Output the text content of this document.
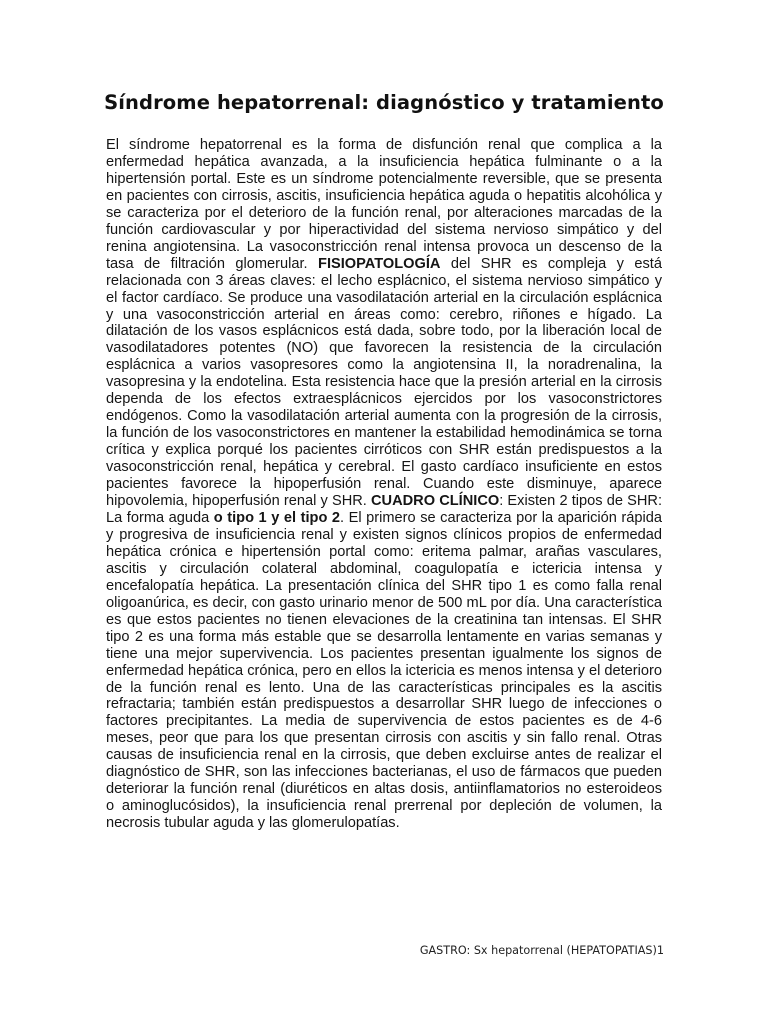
Síndrome hepatorrenal: diagnóstico y tratamiento

El síndrome hepatorrenal es la forma de disfunción renal que complica a la enfermedad hepática avanzada, a la insuficiencia hepática fulminante o a la hipertensión portal. Este es un síndrome potencialmente reversible, que se presenta en pacientes con cirrosis, ascitis, insuficiencia hepática aguda o hepatitis alcohólica y se caracteriza por el deterioro de la función renal, por alteraciones marcadas de la función cardiovascular y por hiperactividad del sistema nervioso simpático y del renina angiotensina. La vasoconstricción renal intensa provoca un descenso de la tasa de filtración glomerular. FISIOPATOLOGÍA del SHR es compleja y está relacionada con 3 áreas claves: el lecho esplácnico, el sistema nervioso simpático y el factor cardíaco. Se produce una vasodilatación arterial en la circulación esplácnica y una vasoconstricción arterial en áreas como: cerebro, riñones e hígado. La dilatación de los vasos esplácnicos está dada, sobre todo, por la liberación local de vasodilatadores potentes (NO) que favorecen la resistencia de la circulación esplácnica a varios vasopresores como la angiotensina II, la noradrenalina, la vasopresina y la endotelina. Esta resistencia hace que la presión arterial en la cirrosis dependa de los efectos extraesplácnicos ejercidos por los vasoconstrictores endógenos. Como la vasodilatación arterial aumenta con la progresión de la cirrosis, la función de los vasoconstrictores en mantener la estabilidad hemodinámica se torna crítica y explica porqué los pacientes cirróticos con SHR están predispuestos a la vasoconstricción renal, hepática y cerebral. El gasto cardíaco insuficiente en estos pacientes favorece la hipoperfusión renal. Cuando este disminuye, aparece hipovolemia, hipoperfusión renal y SHR. CUADRO CLÍNICO: Existen 2 tipos de SHR: La forma aguda o tipo 1 y el tipo 2. El primero se caracteriza por la aparición rápida y progresiva de insuficiencia renal y existen signos clínicos propios de enfermedad hepática crónica e hipertensión portal como: eritema palmar, arañas vasculares, ascitis y circulación colateral abdominal, coagulopatía e ictericia intensa y encefalopatía hepática. La presentación clínica del SHR tipo 1 es como falla renal oligoanúrica, es decir, con gasto urinario menor de 500 mL por día. Una característica es que estos pacientes no tienen elevaciones de la creatinina tan intensas. El SHR tipo 2 es una forma más estable que se desarrolla lentamente en varias semanas y tiene una mejor supervivencia. Los pacientes presentan igualmente los signos de enfermedad hepática crónica, pero en ellos la ictericia es menos intensa y el deterioro de la función renal es lento. Una de las características principales es la ascitis refractaria; también están predispuestos a desarrollar SHR luego de infecciones o factores precipitantes. La media de supervivencia de estos pacientes es de 4-6 meses, peor que para los que presentan cirrosis con ascitis y sin fallo renal. Otras causas de insuficiencia renal en la cirrosis, que deben excluirse antes de realizar el diagnóstico de SHR, son las infecciones bacterianas, el uso de fármacos que pueden deteriorar la función renal (diuréticos en altas dosis, antiinflamatorios no esteroideos o aminoglucósidos), la insuficiencia renal prerrenal por depleción de volumen, la necrosis tubular aguda y las glomerulopatías.

GASTRO: Sx hepatorrenal (HEPATOPATIAS)1
